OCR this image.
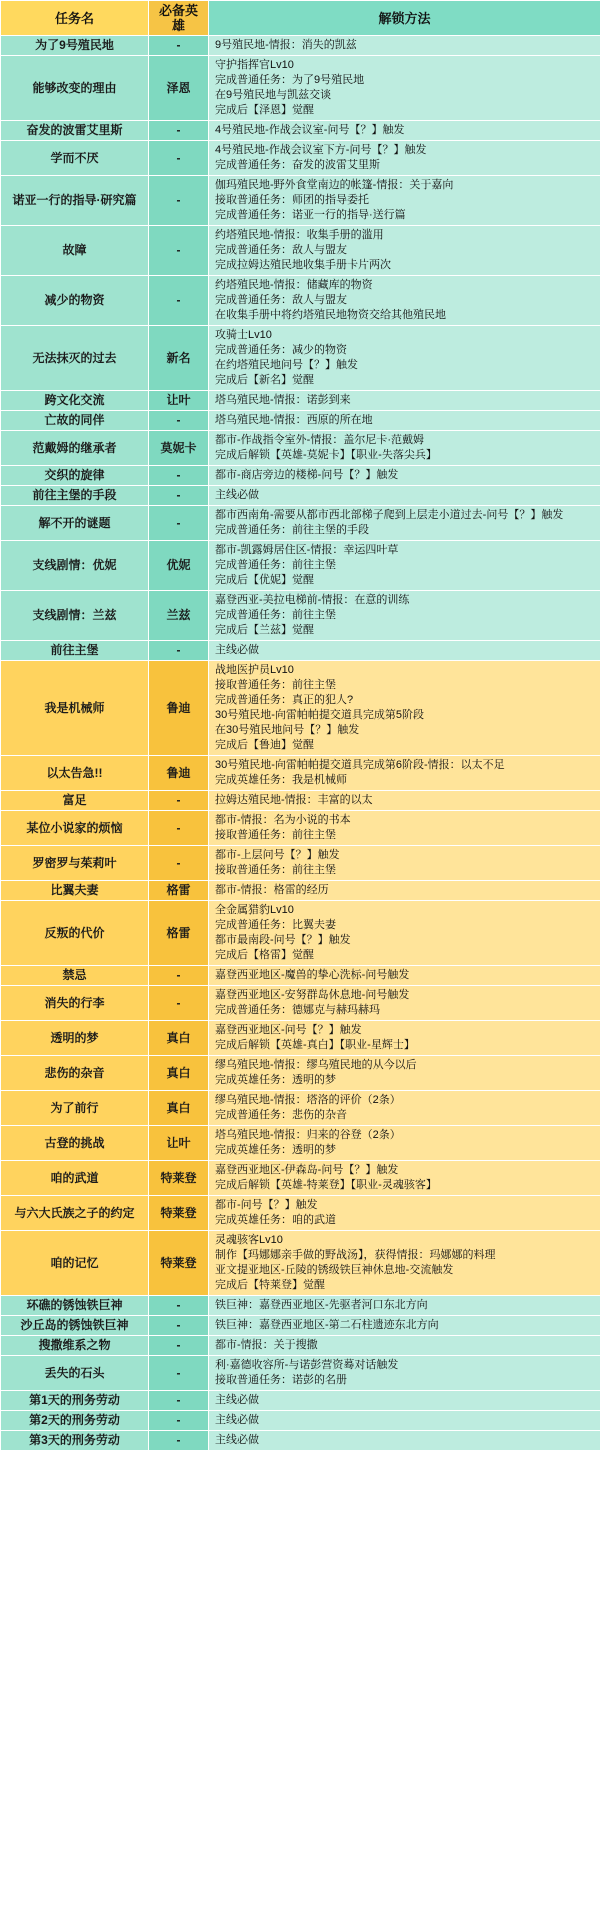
任务名	必备英雄	解锁方法
为了9号殖民地	-	9号殖民地-情报：消失的凯兹

能够改变的理由	泽恩	守护指挥官Lv10
完成普通任务：为了9号殖民地
在9号殖民地与凯兹交谈
完成后【泽恩】觉醒

奋发的波雷艾里斯	-	4号殖民地-作战会议室-问号【？】触发

学而不厌	-	4号殖民地-作战会议室下方-问号【？】触发
完成普通任务：奋发的波雷艾里斯

诺亚一行的指导·研究篇	-	伽玛殖民地-野外食堂南边的帐篷-情报：关于嘉向
接取普通任务：师团的指导委托
完成普通任务：诺亚一行的指导·送行篇

故障	-	约塔殖民地-情报：收集手册的滥用
完成普通任务：敌人与盟友
完成拉姆达殖民地收集手册卡片两次

减少的物资	-	约塔殖民地-情报：储藏库的物资
完成普通任务：敌人与盟友
在收集手册中将约塔殖民地物资交给其他殖民地

无法抹灭的过去	新名	攻骑士Lv10
完成普通任务：减少的物资
在约塔殖民地问号【？】触发
完成后【新名】觉醒

跨文化交流	让叶	塔乌殖民地-情报：诺彭到来

亡故的同伴	-	塔乌殖民地-情报：西原的所在地

范戴姆的继承者	莫妮卡	都市-作战指令室外-情报：盖尔尼卡·范戴姆
完成后解锁【英雄-莫妮卡】【职业-失落尖兵】

交织的旋律	-	都市-商店旁边的楼梯-问号【？】触发

前往主堡的手段	-	主线必做

解不开的谜题	-	都市西南角-需要从都市西北部梯子爬到上层走小道过去-问号【？】触发
完成普通任务：前往主堡的手段

支线剧情：优妮	优妮	都市-凯露姆居住区-情报：幸运四叶草
完成普通任务：前往主堡
完成后【优妮】觉醒

支线剧情：兰兹	兰兹	嘉登西亚-美拉电梯前-情报：在意的训练
完成普通任务：前往主堡
完成后【兰兹】觉醒

前往主堡	-	主线必做

我是机械师	鲁迪	
战地医护员Lv10
接取普通任务：前往主堡
完成普通任务：真正的犯人?
30号殖民地-向雷帕帕提交道具完成第5阶段
在30号殖民地问号【？】触发
完成后【鲁迪】觉醒

以太告急!!	鲁迪	30号殖民地-向雷帕帕提交道具完成第6阶段-情报：以太不足
完成英雄任务：我是机械师

富足	-	拉姆达殖民地-情报：丰富的以太

某位小说家的烦恼	-	都市-情报：名为小说的书本
接取普通任务：前往主堡

罗密罗与茱莉叶	-	都市-上层问号【？】触发
接取普通任务：前往主堡

比翼夫妻	格雷	都市-情报：格雷的经历

反叛的代价	格雷	全金属猎豹Lv10
完成普通任务：比翼夫妻
都市最南段-问号【？】触发
完成后【格雷】觉醒

禁忌	-	嘉登西亚地区-魔兽的挚心洗标-问号触发

消失的行李	-	嘉登西亚地区-安努群岛休息地-问号触发
完成普通任务：德娜克与赫玛赫玛

透明的梦	真白	嘉登西亚地区-问号【？】触发
完成后解锁【英雄-真白】【职业-星辉士】

悲伤的杂音	真白	缪乌殖民地-情报：缪乌殖民地的从今以后
完成英雄任务：透明的梦

为了前行	真白	缪乌殖民地-情报：塔洛的评价（2条）
完成普通任务：悲伤的杂音

古登的挑战	让叶	塔乌殖民地-情报：归来的谷登（2条）
完成英雄任务：透明的梦

咱的武道	特莱登	嘉登西亚地区-伊森岛-问号【？】触发
完成后解锁【英雄-特莱登】【职业-灵魂骇客】

与六大氏族之子的约定	特莱登	都市-问号【？】触发
完成英雄任务：咱的武道

咱的记忆	特莱登	灵魂骇客Lv10
制作【玛娜娜亲手做的野战汤】，获得情报：玛娜娜的料理
亚文提亚地区-丘陵的锈级铁巨神休息地-交流触发
完成后【特莱登】觉醒

环礁的锈蚀铁巨神	-	铁巨神：嘉登西亚地区-先驱者河口东北方向

沙丘岛的锈蚀铁巨神	-	铁巨神：嘉登西亚地区-第二石柱遗迹东北方向

搜撒维系之物	-	都市-情报：关于搜撒

丢失的石头	-	利·嘉德收容所-与诺彭营资蓦对话触发
接取普通任务：诺彭的名册

第1天的刑务劳动	-	主线必做

第2天的刑务劳动	-	主线必做

第3天的刑务劳动	-	主线必做
